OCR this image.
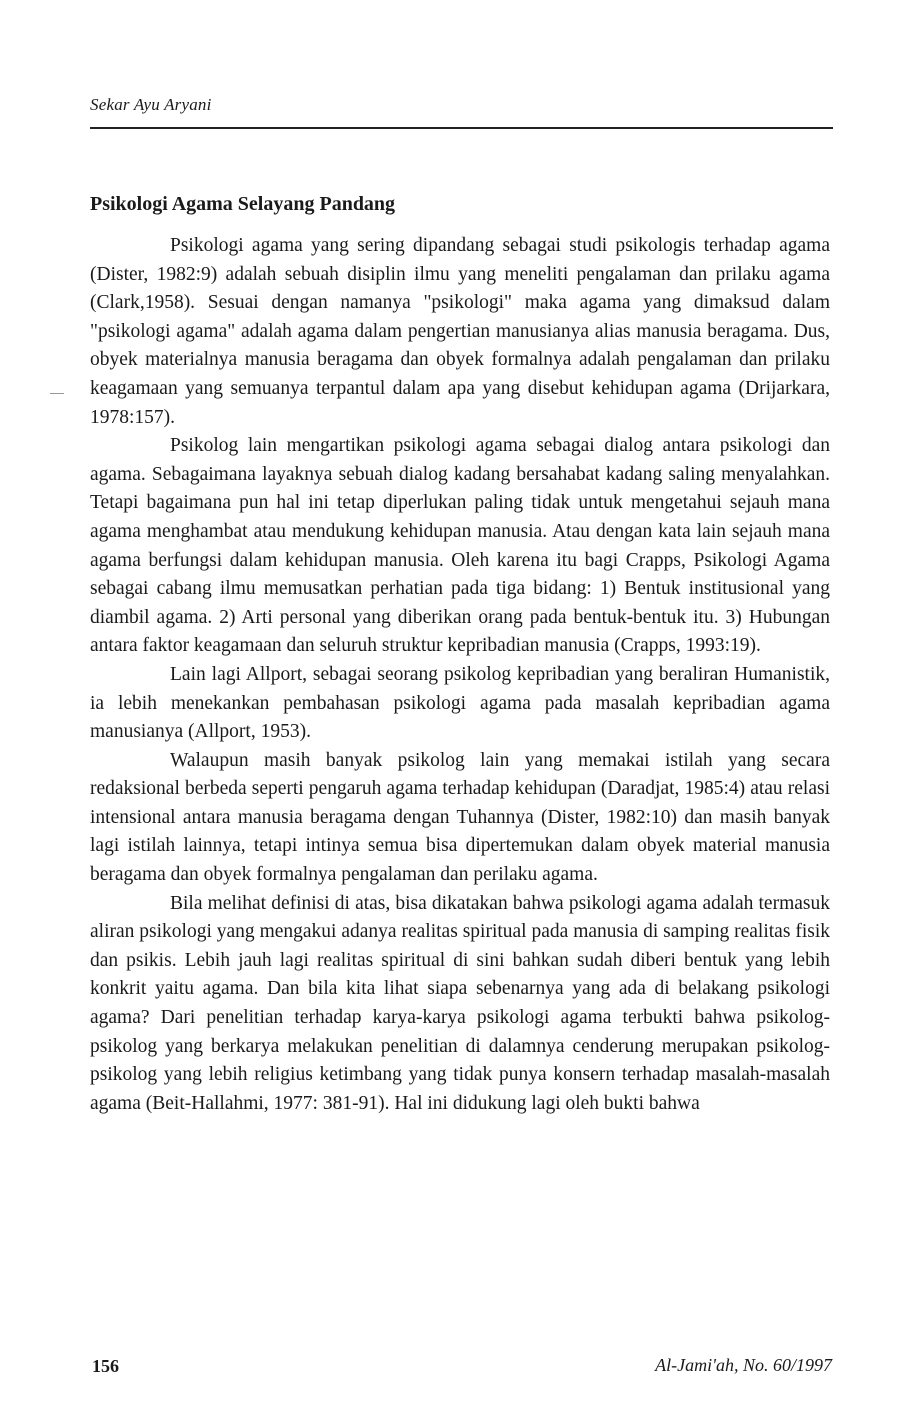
Sekar Ayu Aryani
Psikologi Agama Selayang Pandang

Psikologi agama yang sering dipandang sebagai studi psikologis terhadap agama (Dister, 1982:9) adalah sebuah disiplin ilmu yang meneliti pengalaman dan prilaku agama (Clark,1958). Sesuai dengan namanya "psikologi" maka agama yang dimaksud dalam "psikologi agama" adalah agama dalam pengertian manusianya alias manusia beragama. Dus, obyek materialnya manusia beragama dan obyek formalnya adalah pengalaman dan prilaku keagamaan yang semuanya terpantul dalam apa yang disebut kehidupan agama (Drijarkara, 1978:157).

Psikolog lain mengartikan psikologi agama sebagai dialog antara psikologi dan agama. Sebagaimana layaknya sebuah dialog kadang bersahabat kadang saling menyalahkan. Tetapi bagaimana pun hal ini tetap diperlukan paling tidak untuk mengetahui sejauh mana agama menghambat atau mendukung kehidupan manusia. Atau dengan kata lain sejauh mana agama berfungsi dalam kehidupan manusia. Oleh karena itu bagi Crapps, Psikologi Agama sebagai cabang ilmu memusatkan perhatian pada tiga bidang: 1) Bentuk institusional yang diambil agama. 2) Arti personal yang diberikan orang pada bentuk-bentuk itu. 3) Hubungan antara faktor keagamaan dan seluruh struktur kepribadian manusia (Crapps, 1993:19).

Lain lagi Allport, sebagai seorang psikolog kepribadian yang beraliran Humanistik, ia lebih menekankan pembahasan psikologi agama pada masalah kepribadian agama manusianya (Allport, 1953).

Walaupun masih banyak psikolog lain yang memakai istilah yang secara redaksional berbeda seperti pengaruh agama terhadap kehidupan (Daradjat, 1985:4) atau relasi intensional antara manusia beragama dengan Tuhannya (Dister, 1982:10) dan masih banyak lagi istilah lainnya, tetapi intinya semua bisa dipertemukan dalam obyek material manusia beragama dan obyek formalnya pengalaman dan perilaku agama.

Bila melihat definisi di atas, bisa dikatakan bahwa psikologi agama adalah termasuk aliran psikologi yang mengakui adanya realitas spiritual pada manusia di samping realitas fisik dan psikis. Lebih jauh lagi realitas spiritual di sini bahkan sudah diberi bentuk yang lebih konkrit yaitu agama. Dan bila kita lihat siapa sebenarnya yang ada di belakang psikologi agama? Dari penelitian terhadap karya-karya psikologi agama terbukti bahwa psikolog-psikolog yang berkarya melakukan penelitian di dalamnya cenderung merupakan psikolog-psikolog yang lebih religius ketimbang yang tidak punya konsern terhadap masalah-masalah agama (Beit-Hallahmi, 1977: 381-91). Hal ini didukung lagi oleh bukti bahwa

156	Al-Jami'ah, No. 60/1997
